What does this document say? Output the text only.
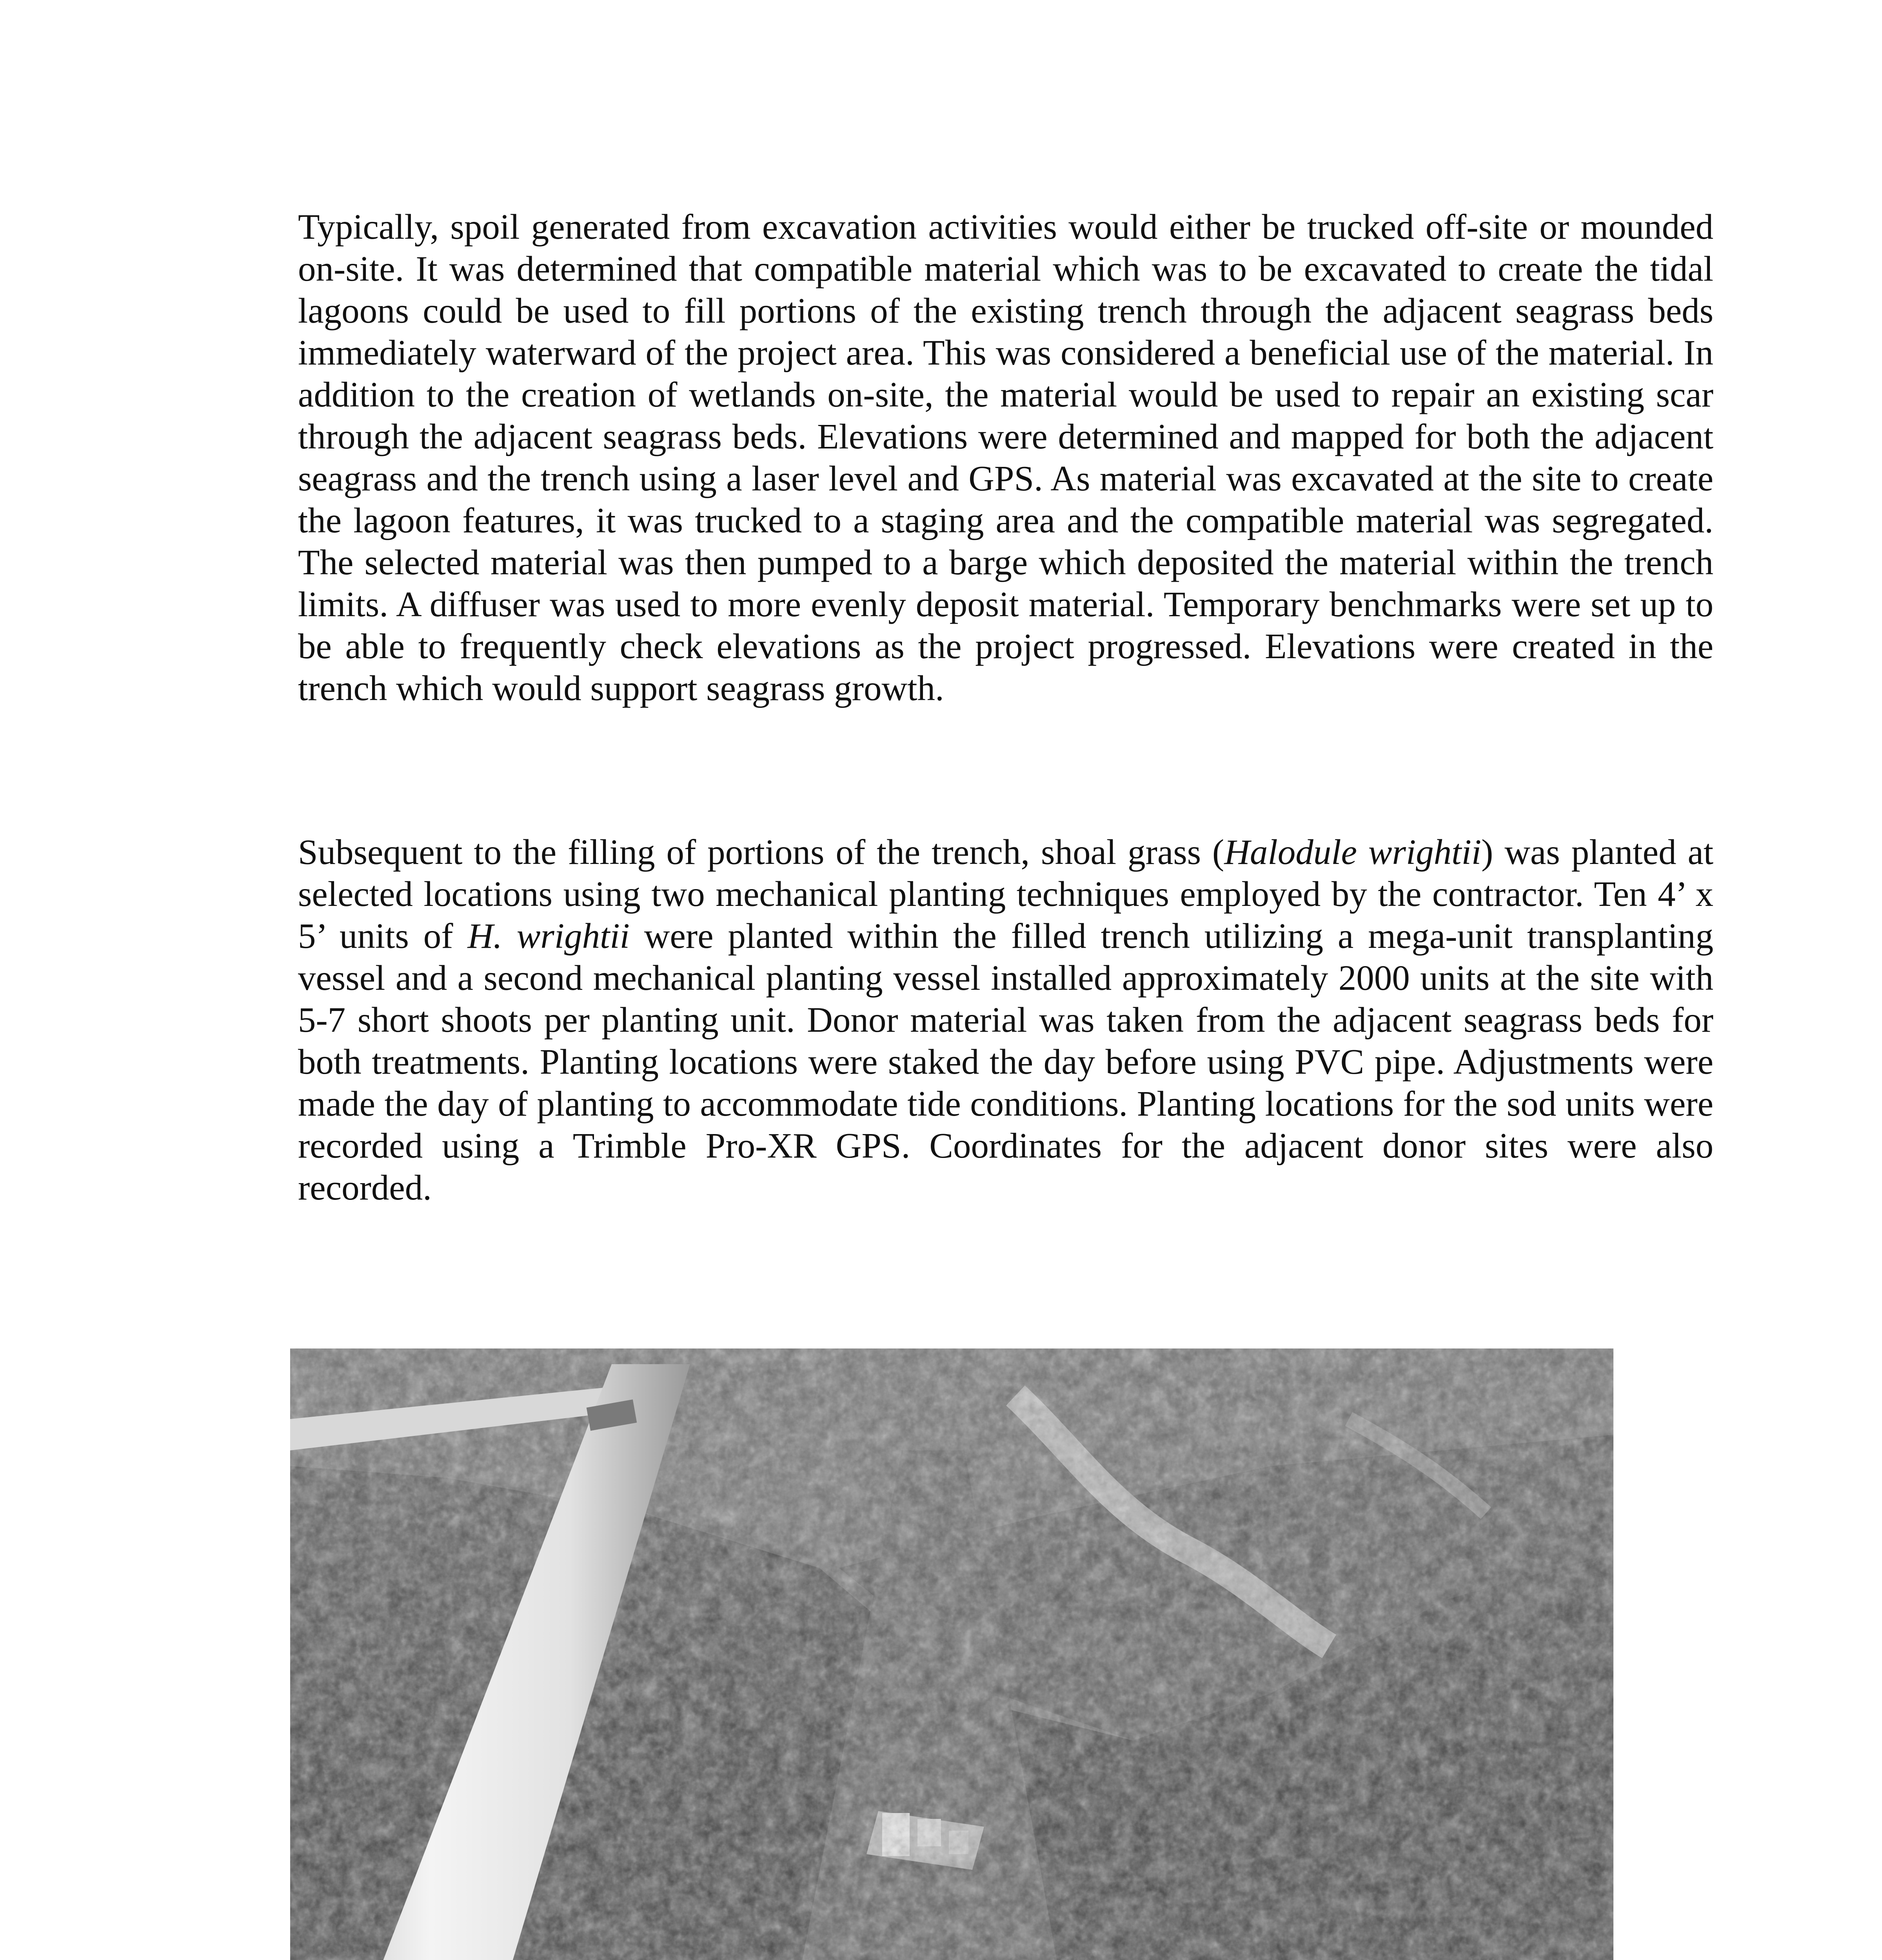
Typically, spoil generated from excavation activities would either be trucked off-site or mounded on-site. It was determined that compatible material which was to be excavated to create the tidal lagoons could be used to fill portions of the existing trench through the adjacent seagrass beds immediately waterward of the project area. This was considered a beneficial use of the material. In addition to the creation of wetlands on-site, the material would be used to repair an existing scar through the adjacent seagrass beds. Elevations were determined and mapped for both the adjacent seagrass and the trench using a laser level and GPS. As material was excavated at the site to create the lagoon features, it was trucked to a staging area and the compatible material was segregated. The selected material was then pumped to a barge which deposited the material within the trench limits. A diffuser was used to more evenly deposit material. Temporary benchmarks were set up to be able to frequently check elevations as the project progressed. Elevations were created in the trench which would support seagrass growth.

Subsequent to the filling of portions of the trench, shoal grass (Halodule wrightii) was planted at selected locations using two mechanical planting techniques employed by the contractor. Ten 4’ x 5’ units of H. wrightii were planted within the filled trench utilizing a mega-unit transplanting vessel and a second mechanical planting vessel installed approximately 2000 units at the site with 5-7 short shoots per planting unit. Donor material was taken from the adjacent seagrass beds for both treatments. Planting locations were staked the day before using PVC pipe. Adjustments were made the day of planting to accommodate tide conditions. Planting locations for the sod units were recorded using a Trimble Pro-XR GPS. Coordinates for the adjacent donor sites were also recorded.
